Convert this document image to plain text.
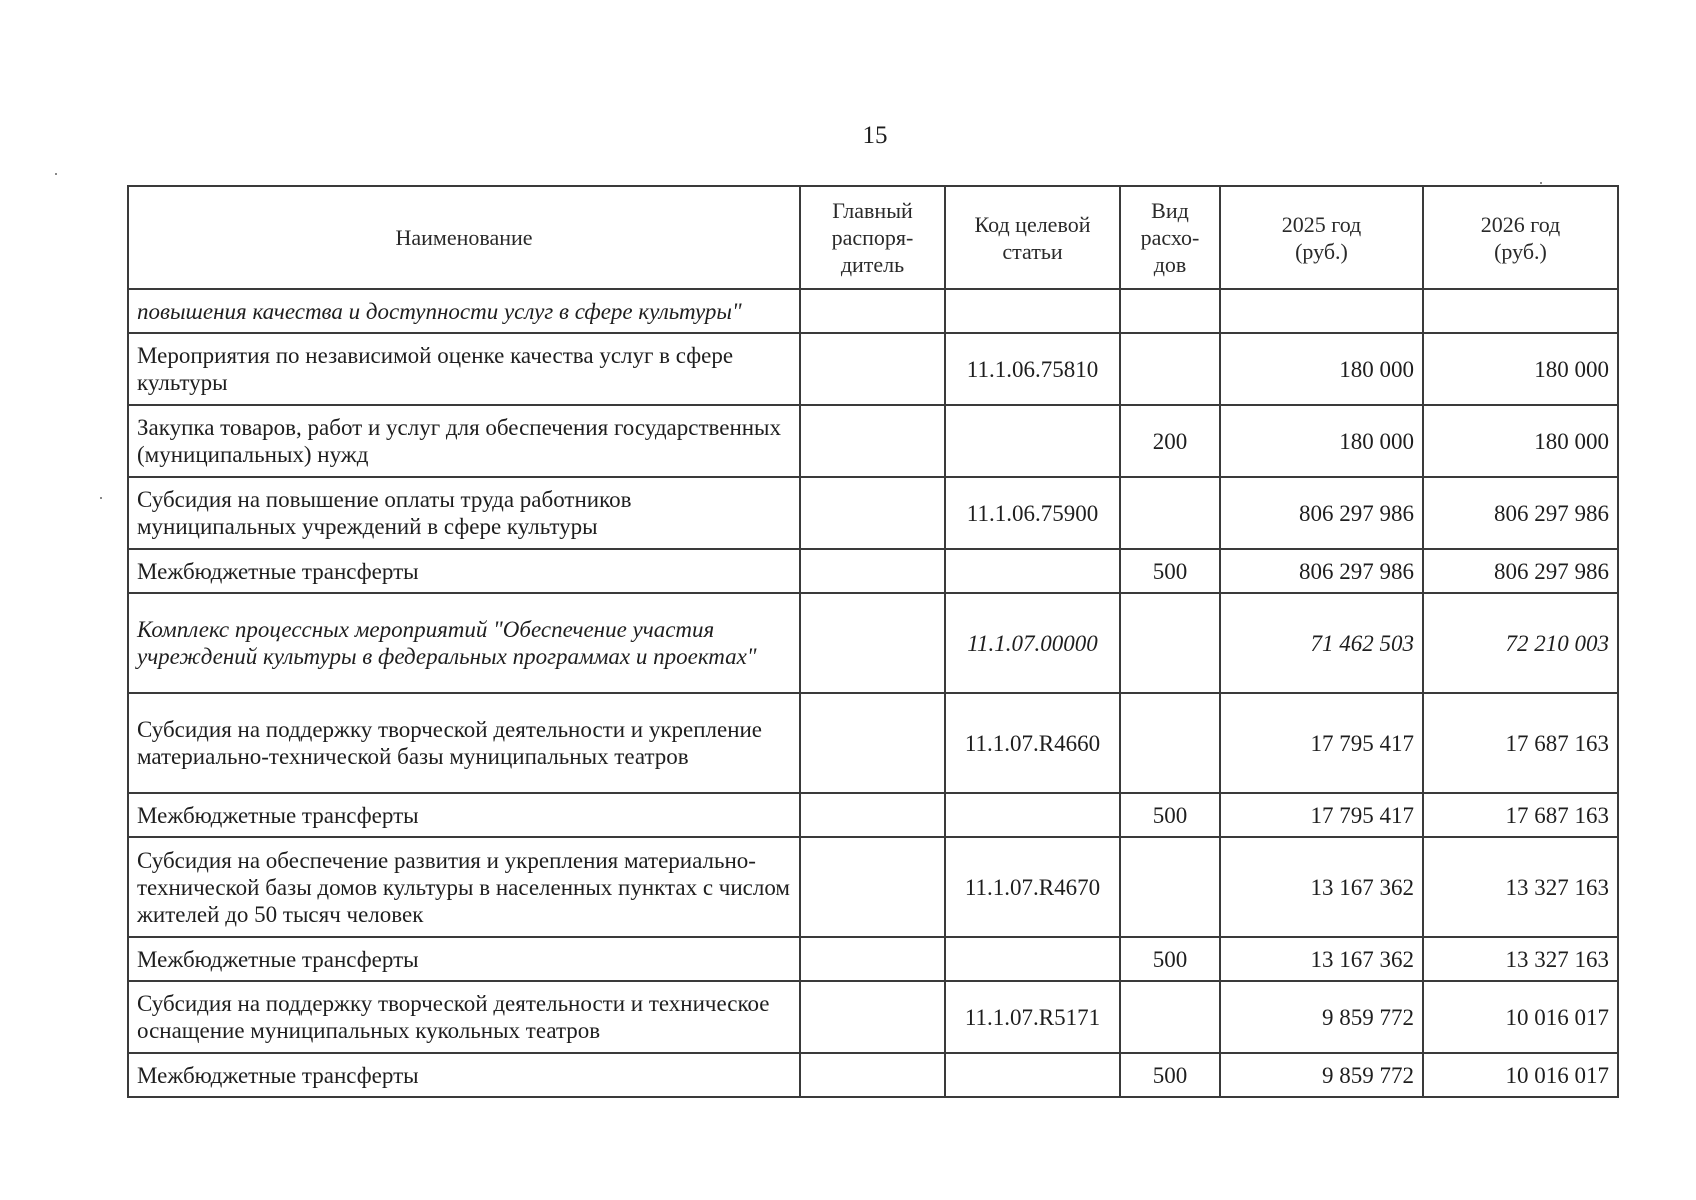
15
Наименование	Главный распоря-дитель	Код целевой статьи	Вид расхо-дов	2025 год (руб.)	2026 год (руб.)
повышения качества и доступности услуг в сфере культуры"					
Мероприятия по независимой оценке качества услуг в сфере культуры		11.1.06.75810		180 000	180 000
Закупка товаров, работ и услуг для обеспечения государственных (муниципальных) нужд			200	180 000	180 000
Субсидия на повышение оплаты труда работников муниципальных учреждений в сфере культуры		11.1.06.75900		806 297 986	806 297 986
Межбюджетные трансферты			500	806 297 986	806 297 986
Комплекс процессных мероприятий "Обеспечение участия учреждений культуры в федеральных программах и проектах"		11.1.07.00000		71 462 503	72 210 003
Субсидия на поддержку творческой деятельности и укрепление материально-технической базы муниципальных театров		11.1.07.R4660		17 795 417	17 687 163
Межбюджетные трансферты			500	17 795 417	17 687 163
Субсидия на обеспечение развития и укрепления материально-технической базы домов культуры в населенных пунктах с числом жителей до 50 тысяч человек		11.1.07.R4670		13 167 362	13 327 163
Межбюджетные трансферты			500	13 167 362	13 327 163
Субсидия на поддержку творческой деятельности и техническое оснащение муниципальных кукольных театров		11.1.07.R5171		9 859 772	10 016 017
Межбюджетные трансферты			500	9 859 772	10 016 017
